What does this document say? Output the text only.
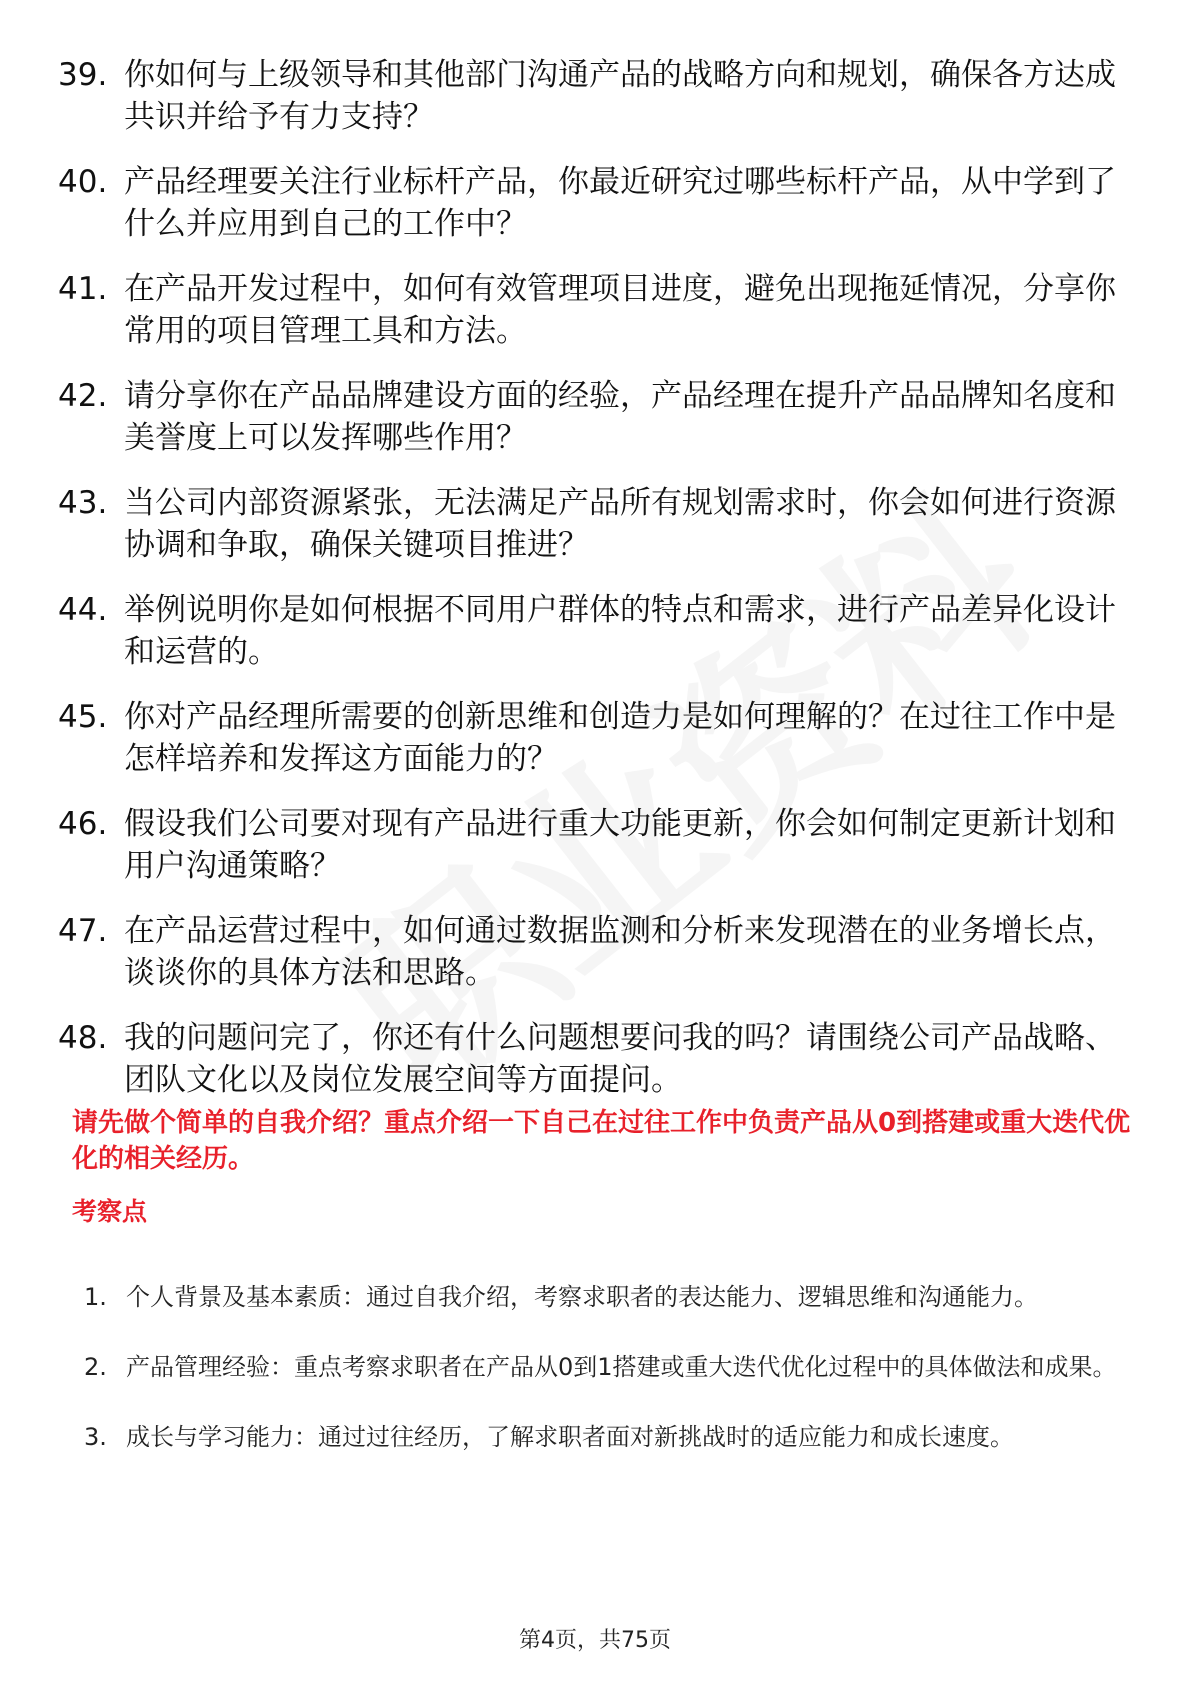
39. 你如何与上级领导和其他部门沟通产品的战略方向和规划，确保各方达成共识并给予有力支持？
40. 产品经理要关注行业标杆产品，你最近研究过哪些标杆产品，从中学到了什么并应用到自己的工作中？
41. 在产品开发过程中，如何有效管理项目进度，避免出现拖延情况，分享你常用的项目管理工具和方法。
42. 请分享你在产品品牌建设方面的经验，产品经理在提升产品品牌知名度和美誉度上可以发挥哪些作用？
43. 当公司内部资源紧张，无法满足产品所有规划需求时，你会如何进行资源协调和争取，确保关键项目推进？
44. 举例说明你是如何根据不同用户群体的特点和需求，进行产品差异化设计和运营的。
45. 你对产品经理所需要的创新思维和创造力是如何理解的？在过往工作中是怎样培养和发挥这方面能力的？
46. 假设我们公司要对现有产品进行重大功能更新，你会如何制定更新计划和用户沟通策略？
47. 在产品运营过程中，如何通过数据监测和分析来发现潜在的业务增长点，谈谈你的具体方法和思路。
48. 我的问题问完了，你还有什么问题想要问我的吗？请围绕公司产品战略、团队文化以及岗位发展空间等方面提问。
请先做个简单的自我介绍？重点介绍一下自己在过往工作中负责产品从0到搭建或重大迭代优化的相关经历。
考察点
1. 个人背景及基本素质：通过自我介绍，考察求职者的表达能力、逻辑思维和沟通能力。
2. 产品管理经验：重点考察求职者在产品从0到1搭建或重大迭代优化过程中的具体做法和成果。
3. 成长与学习能力：通过过往经历，了解求职者面对新挑战时的适应能力和成长速度。
第4页，共75页
